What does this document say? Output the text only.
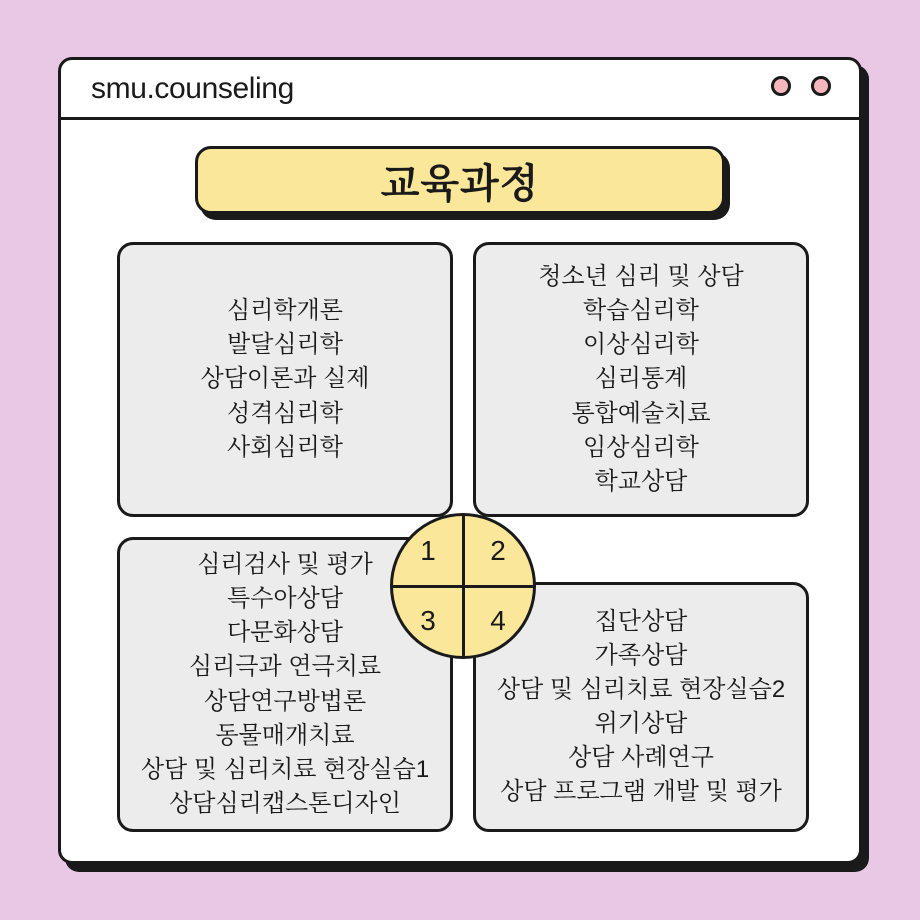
smu.counseling
교육과정
심리학개론
발달심리학
상담이론과 실제
성격심리학
사회심리학
청소년 심리 및 상담
학습심리학
이상심리학
심리통계
통합예술치료
임상심리학
학교상담
심리검사 및 평가
특수아상담
다문화상담
심리극과 연극치료
상담연구방법론
동물매개치료
상담 및 심리치료 현장실습1
상담심리캡스톤디자인
집단상담
가족상담
상담 및 심리치료 현장실습2
위기상담
상담 사례연구
상담 프로그램 개발 및 평가
1	2
3	4
